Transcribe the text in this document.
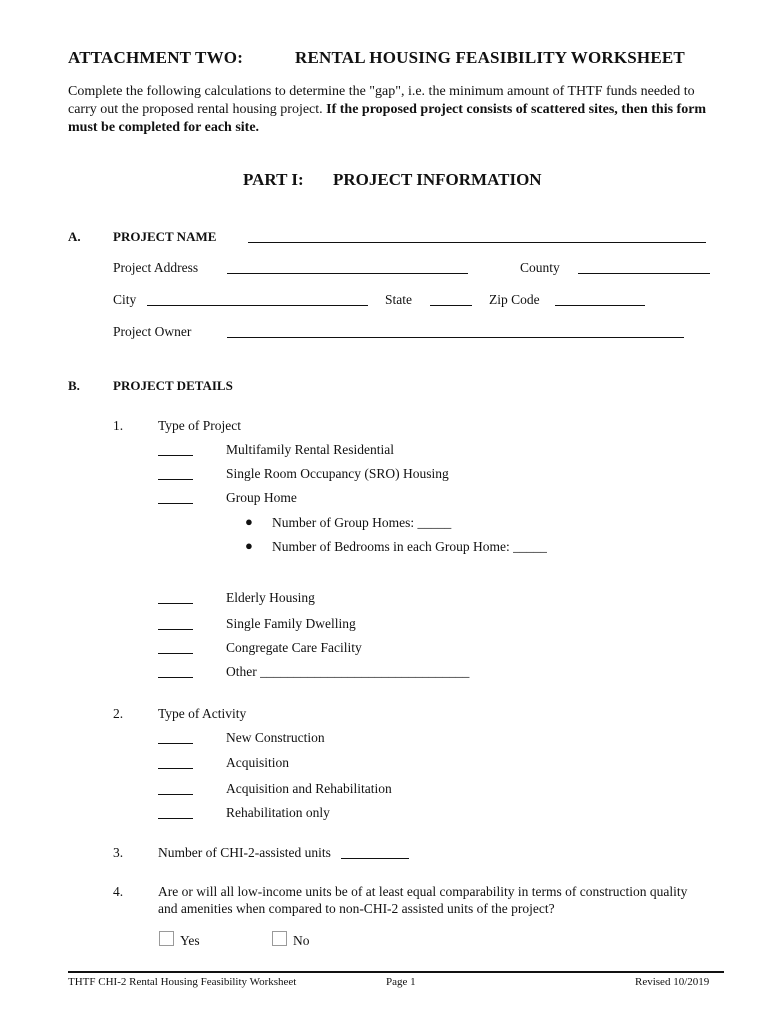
ATTACHMENT TWO:	RENTAL HOUSING FEASIBILITY WORKSHEET
Complete the following calculations to determine the "gap", i.e. the minimum amount of THTF funds needed to carry out the proposed rental housing project. If the proposed project consists of scattered sites, then this form must be completed for each site.
PART I: PROJECT INFORMATION
A. PROJECT NAME
Project Address	County
City	State	Zip Code
Project Owner
B.	PROJECT DETAILS
1.	Type of Project
Multifamily Rental Residential
Single Room Occupancy (SRO) Housing
Group Home
● Number of Group Homes: _____
● Number of Bedrooms in each Group Home: _____
Elderly Housing
Single Family Dwelling
Congregate Care Facility
Other _______________________________
2.	Type of Activity
New Construction
Acquisition
Acquisition and Rehabilitation
Rehabilitation only
3.	Number of CHI-2-assisted units
4.	Are or will all low-income units be of at least equal comparability in terms of construction quality
and amenities when compared to non-CHI-2 assisted units of the project?
Yes	No
THTF CHI-2 Rental Housing Feasibility Worksheet	Page 1	Revised 10/2019
